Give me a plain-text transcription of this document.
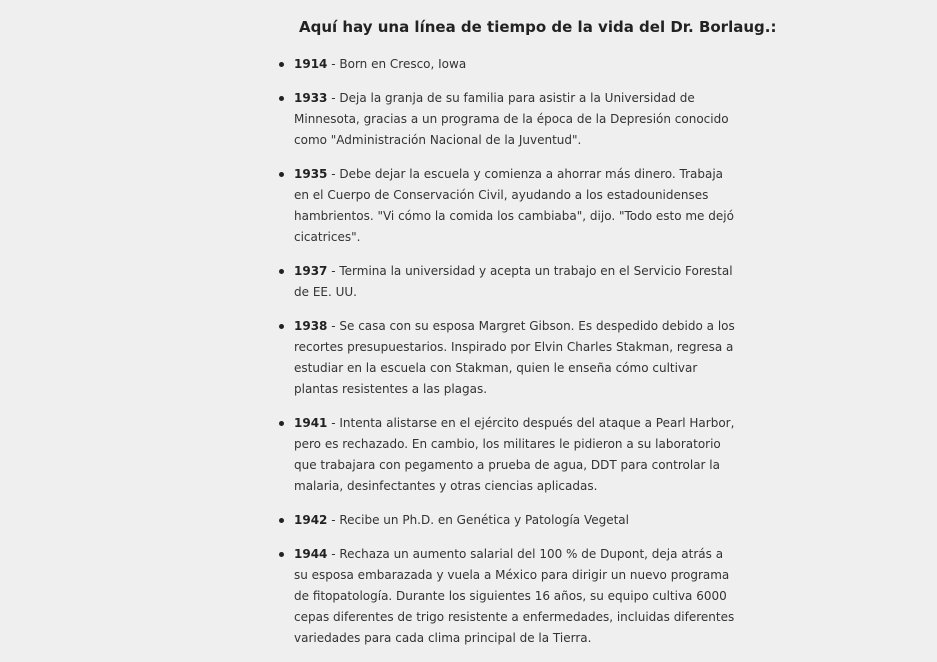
Aquí hay una línea de tiempo de la vida del Dr. Borlaug.:
1914 - Born en Cresco, Iowa
1933 - Deja la granja de su familia para asistir a la Universidad de Minnesota, gracias a un programa de la época de la Depresión conocido como "Administración Nacional de la Juventud".
1935 - Debe dejar la escuela y comienza a ahorrar más dinero. Trabaja en el Cuerpo de Conservación Civil, ayudando a los estadounidenses hambrientos. "Vi cómo la comida los cambiaba", dijo. "Todo esto me dejó cicatrices".
1937 - Termina la universidad y acepta un trabajo en el Servicio Forestal de EE. UU.
1938 - Se casa con su esposa Margret Gibson. Es despedido debido a los recortes presupuestarios. Inspirado por Elvin Charles Stakman, regresa a estudiar en la escuela con Stakman, quien le enseña cómo cultivar plantas resistentes a las plagas.
1941 - Intenta alistarse en el ejército después del ataque a Pearl Harbor, pero es rechazado. En cambio, los militares le pidieron a su laboratorio que trabajara con pegamento a prueba de agua, DDT para controlar la malaria, desinfectantes y otras ciencias aplicadas.
1942 - Recibe un Ph.D. en Genética y Patología Vegetal
1944 - Rechaza un aumento salarial del 100 % de Dupont, deja atrás a su esposa embarazada y vuela a México para dirigir un nuevo programa de fitopatología. Durante los siguientes 16 años, su equipo cultiva 6000 cepas diferentes de trigo resistente a enfermedades, incluidas diferentes variedades para cada clima principal de la Tierra.
